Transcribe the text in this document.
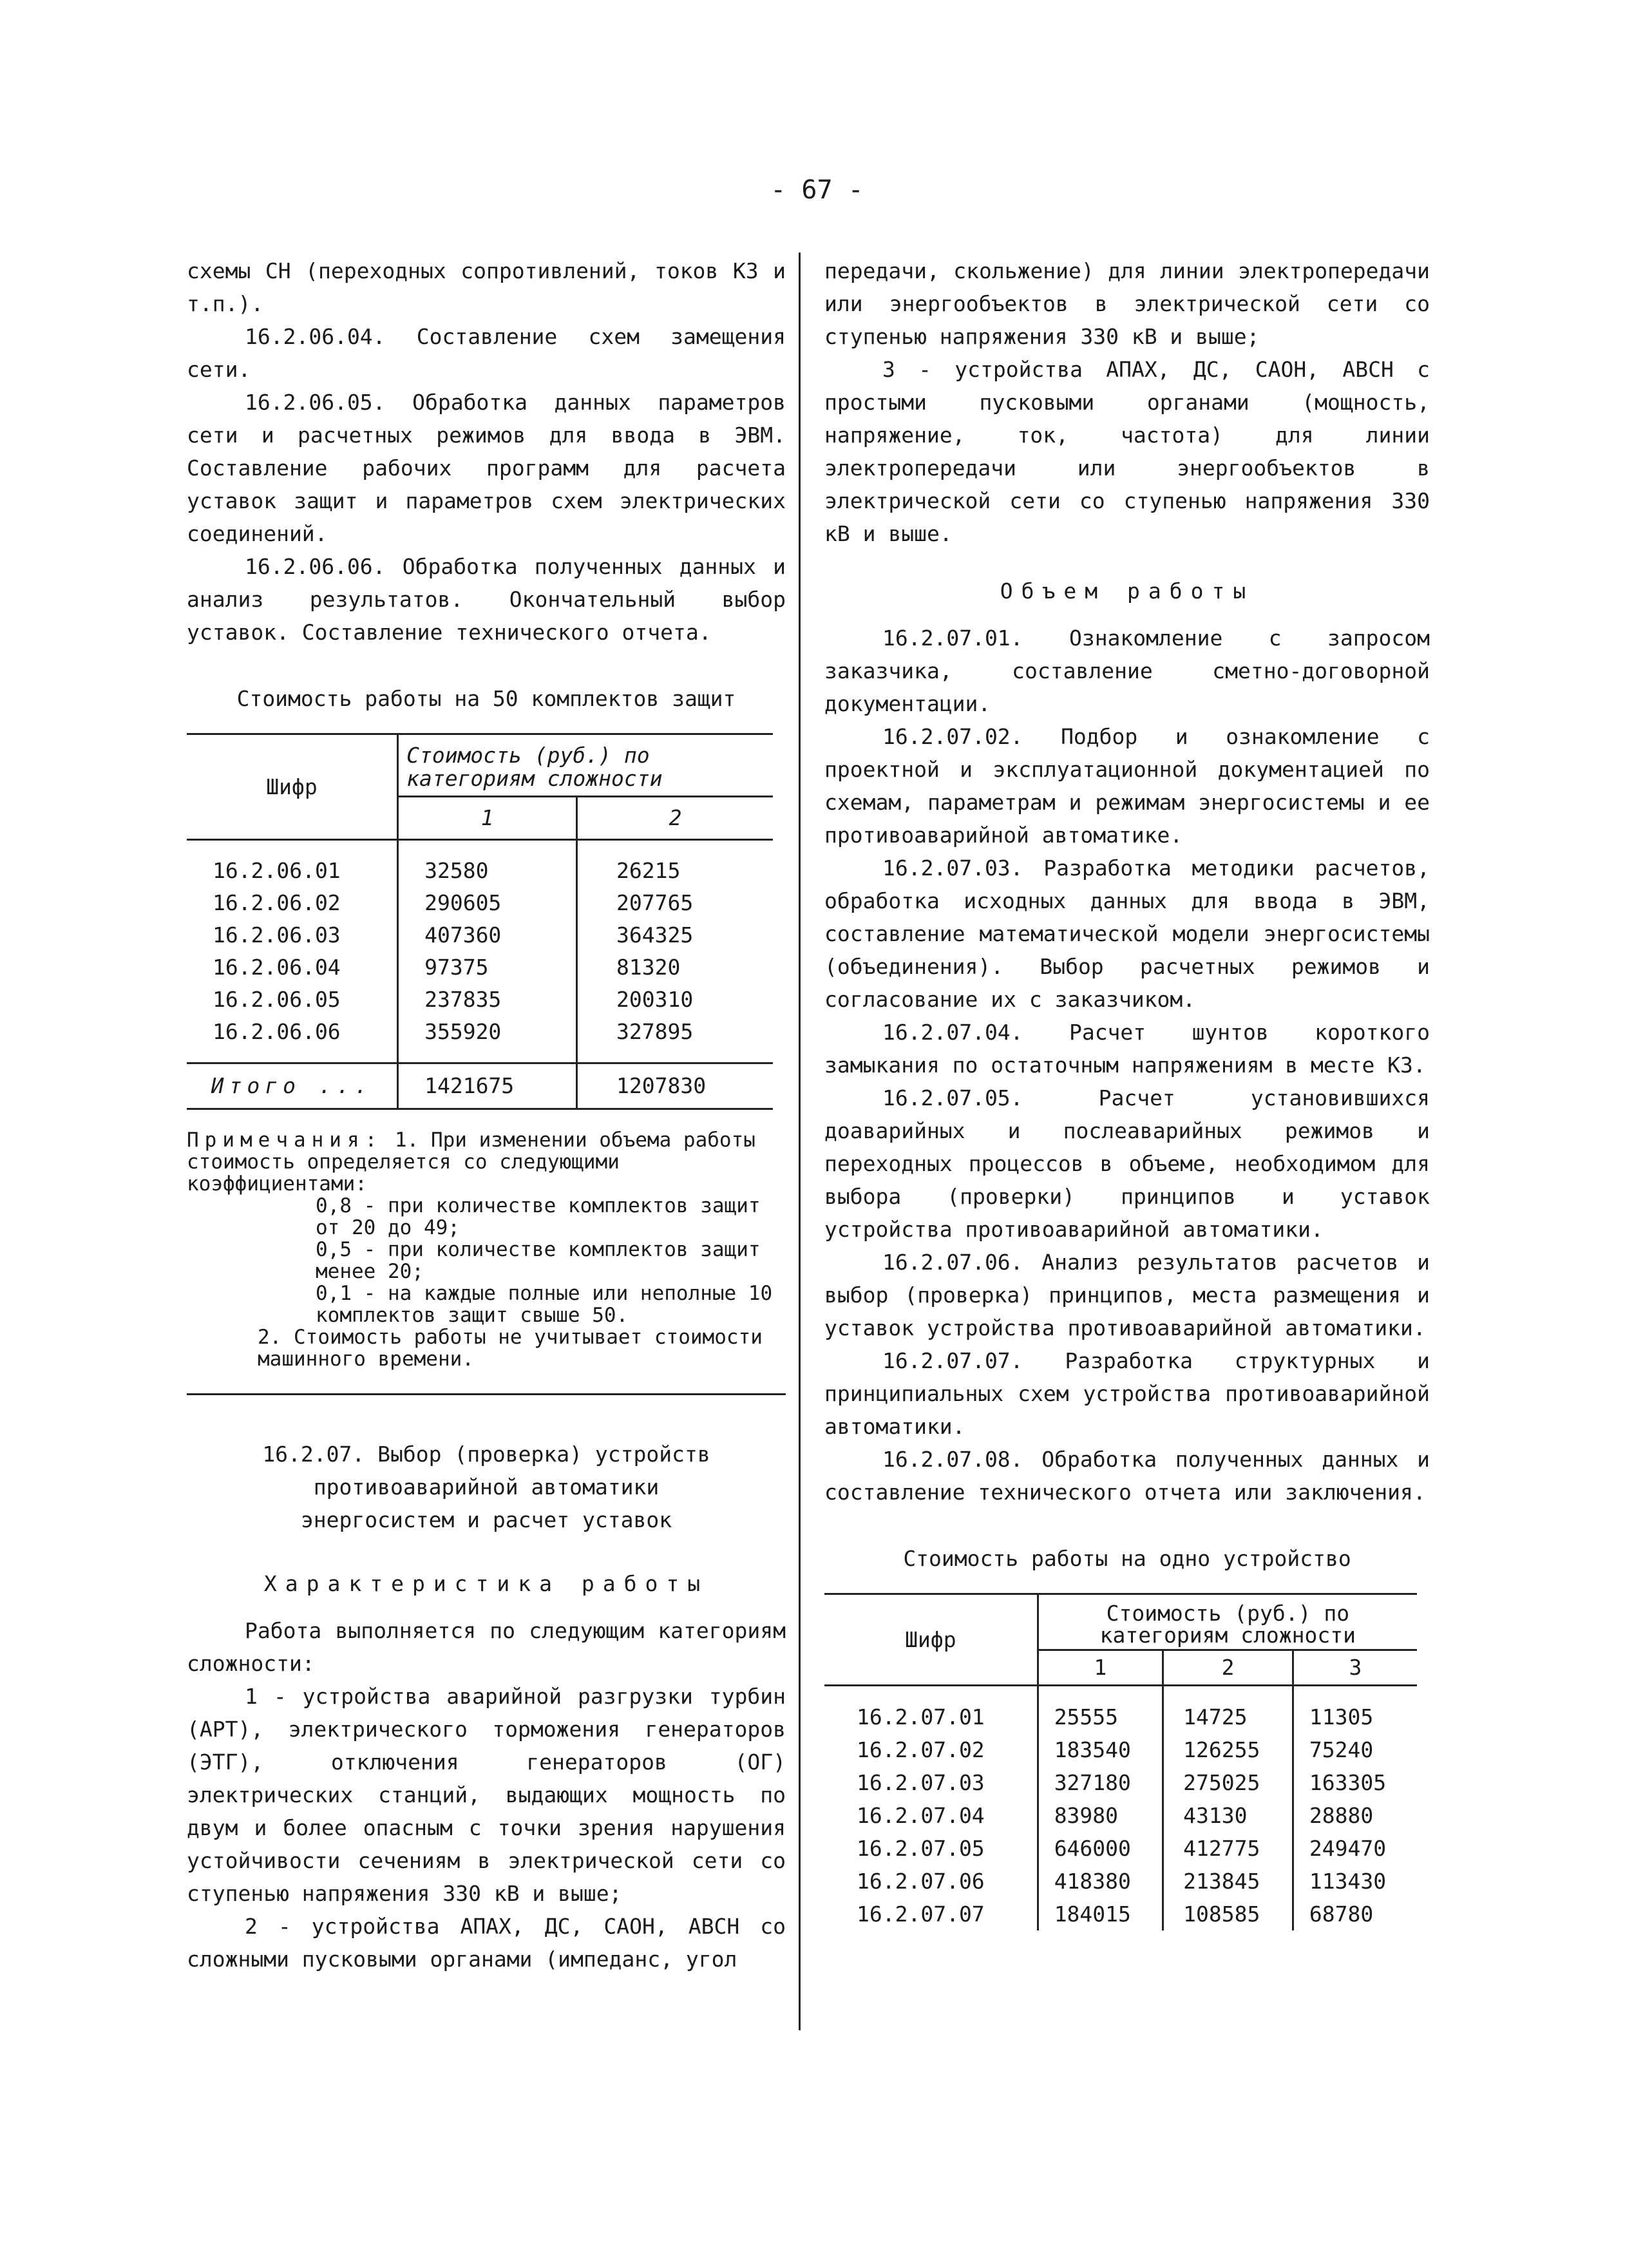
- 67 -

схемы СН (переходных сопротивлений, токов КЗ и т.п.).

16.2.06.04. Составление схем замещения сети.

16.2.06.05. Обработка данных параметров сети и расчетных режимов для ввода в ЭВМ. Составление рабочих программ для расчета уставок защит и параметров схем электрических соединений.

16.2.06.06. Обработка полученных данных и анализ результатов. Окончательный выбор уставок. Составление технического отчета.

Стоимость работы на 50 комплектов защит
Шифр	Стоимость (руб.) по категориям сложности	
	1	2

16.2.06.01	32580	26215
16.2.06.02	290605	207765
16.2.06.03	407360	364325
16.2.06.04	97375	81320
16.2.06.05	237835	200310
16.2.06.06	355920	327895

Итого ...	1421675	1207830
Примечания: 1. При изменении объема работы стоимость определяется со следующими коэффициентами:
0,8 - при количестве комплектов защит от 20 до 49;
0,5 - при количестве комплектов защит менее 20;
0,1 - на каждые полные или неполные 10 комплектов защит свыше 50.
2. Стоимость работы не учитывает стоимости машинного времени.

16.2.07. Выбор (проверка) устройств противоаварийной автоматики энергосистем и расчет уставок

Характеристика работы

Работа выполняется по следующим категориям сложности:

1 - устройства аварийной разгрузки турбин (АРТ), электрического торможения генераторов (ЭТГ), отключения генераторов (ОГ) электрических станций, выдающих мощность по двум и более опасным с точки зрения нарушения устойчивости сечениям в электрической сети со ступенью напряжения 330 кВ и выше;

2 - устройства АПАХ, ДС, САОН, АВСН со сложными пусковыми органами (импеданс, угол

передачи, скольжение) для линии электропередачи или энергообъектов в электрической сети со ступенью напряжения 330 кВ и выше;

3 - устройства АПАХ, ДС, САОН, АВСН с простыми пусковыми органами (мощность, напряжение, ток, частота) для линии электропередачи или энергообъектов в электрической сети со ступенью напряжения 330 кВ и выше.

Объем работы

16.2.07.01. Ознакомление с запросом заказчика, составление сметно-договорной документации.

16.2.07.02. Подбор и ознакомление с проектной и эксплуатационной документацией по схемам, параметрам и режимам энергосистемы и ее противоаварийной автоматике.

16.2.07.03. Разработка методики расчетов, обработка исходных данных для ввода в ЭВМ, составление математической модели энергосистемы (объединения). Выбор расчетных режимов и согласование их с заказчиком.

16.2.07.04. Расчет шунтов короткого замыкания по остаточным напряжениям в месте КЗ.

16.2.07.05. Расчет установившихся доаварийных и послеаварийных режимов и переходных процессов в объеме, необходимом для выбора (проверки) принципов и уставок устройства противоаварийной автоматики.

16.2.07.06. Анализ результатов расчетов и выбор (проверка) принципов, места размещения и уставок устройства противоаварийной автоматики.

16.2.07.07. Разработка структурных и принципиальных схем устройства противоаварийной автоматики.

16.2.07.08. Обработка полученных данных и составление технического отчета или заключения.

Стоимость работы на одно устройство
Шифр	Стоимость (руб.) по категориям сложности		
	1	2	3

16.2.07.01	25555	14725	11305
16.2.07.02	183540	126255	75240
16.2.07.03	327180	275025	163305
16.2.07.04	83980	43130	28880
16.2.07.05	646000	412775	249470
16.2.07.06	418380	213845	113430
16.2.07.07	184015	108585	68780
